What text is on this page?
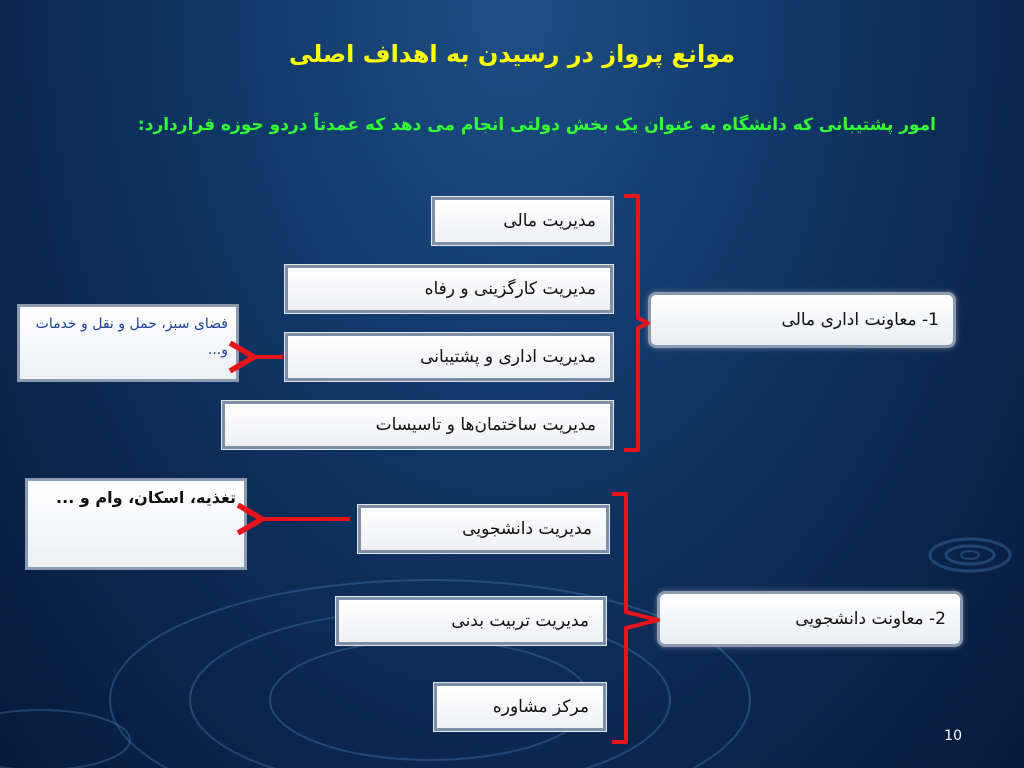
موانع پرواز در رسیدن به اهداف اصلی
امور پشتیبانی که دانشگاه به عنوان یک بخش دولتی انجام می دهد که عمدتاً دردو حوزه قراردارد:
مدیریت مالی
مدیریت کارگزینی و رفاه
مدیریت اداری و پشتیبانی
مدیریت ساختمان‌ها و تاسیسات
1- معاونت اداری مالی
فضای سبز، حمل و نقل و خدمات و...
مدیریت دانشجویی
مدیریت تربیت بدنی
مرکز مشاوره
2- معاونت دانشجویی
تغذیه، اسکان، وام و ...
10
